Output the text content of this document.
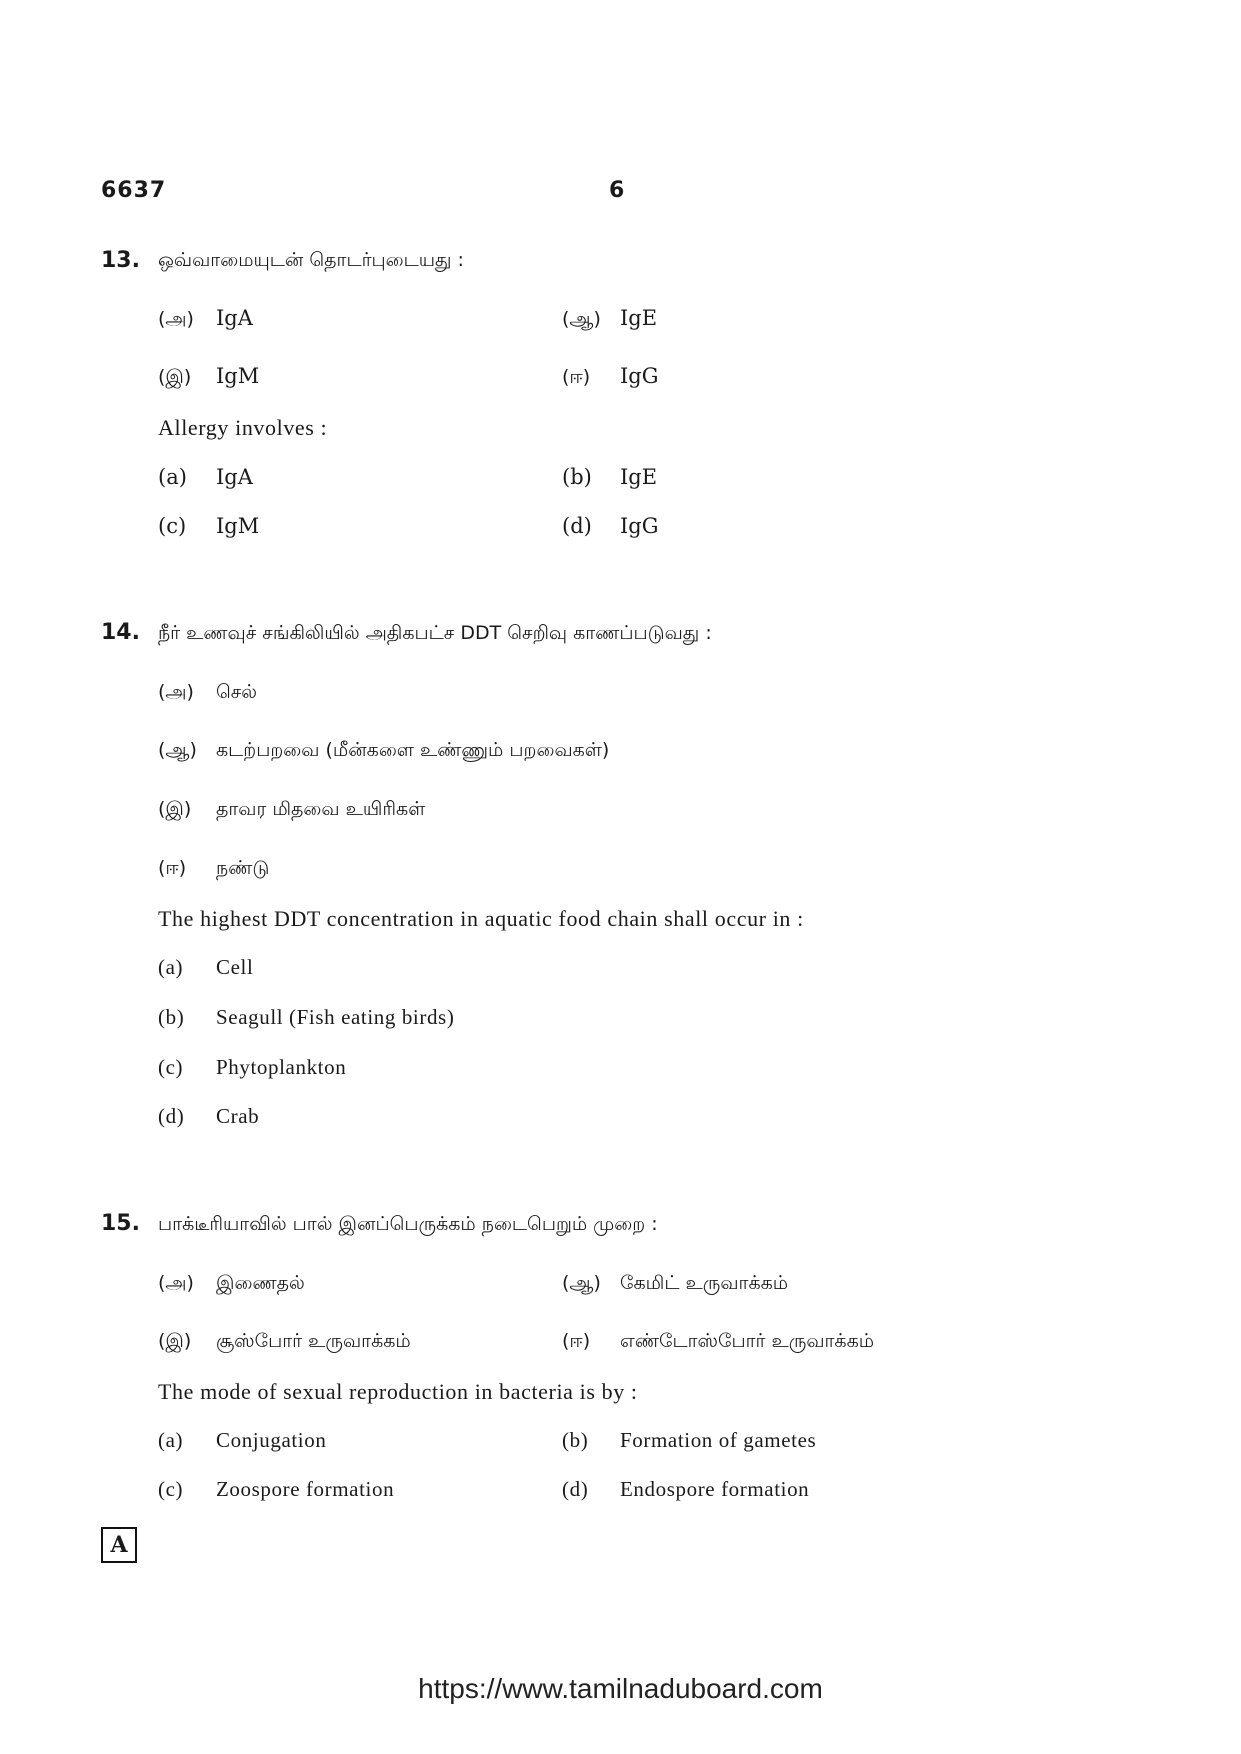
6637	6
13. ஒவ்வாமையுடன் தொடர்புடையது :
(அ) IgA	(ஆ) IgE
(இ) IgM	(ஈ) IgG
Allergy involves :
(a) IgA	(b) IgE
(c) IgM	(d) IgG
14. நீர் உணவுச் சங்கிலியில் அதிகபட்ச DDT செறிவு காணப்படுவது :
(அ) செல்
(ஆ) கடற்பறவை (மீன்களை உண்ணும் பறவைகள்)
(இ) தாவர மிதவை உயிரிகள்
(ஈ) நண்டு
The highest DDT concentration in aquatic food chain shall occur in :
(a) Cell
(b) Seagull (Fish eating birds)
(c) Phytoplankton
(d) Crab
15. பாக்டீரியாவில் பால் இனப்பெருக்கம் நடைபெறும் முறை :
(அ) இணைதல்	(ஆ) கேமிட் உருவாக்கம்
(இ) சூஸ்போர் உருவாக்கம்	(ஈ) எண்டோஸ்போர் உருவாக்கம்
The mode of sexual reproduction in bacteria is by :
(a) Conjugation	(b) Formation of gametes
(c) Zoospore formation	(d) Endospore formation
A
https://www.tamilnaduboard.com
